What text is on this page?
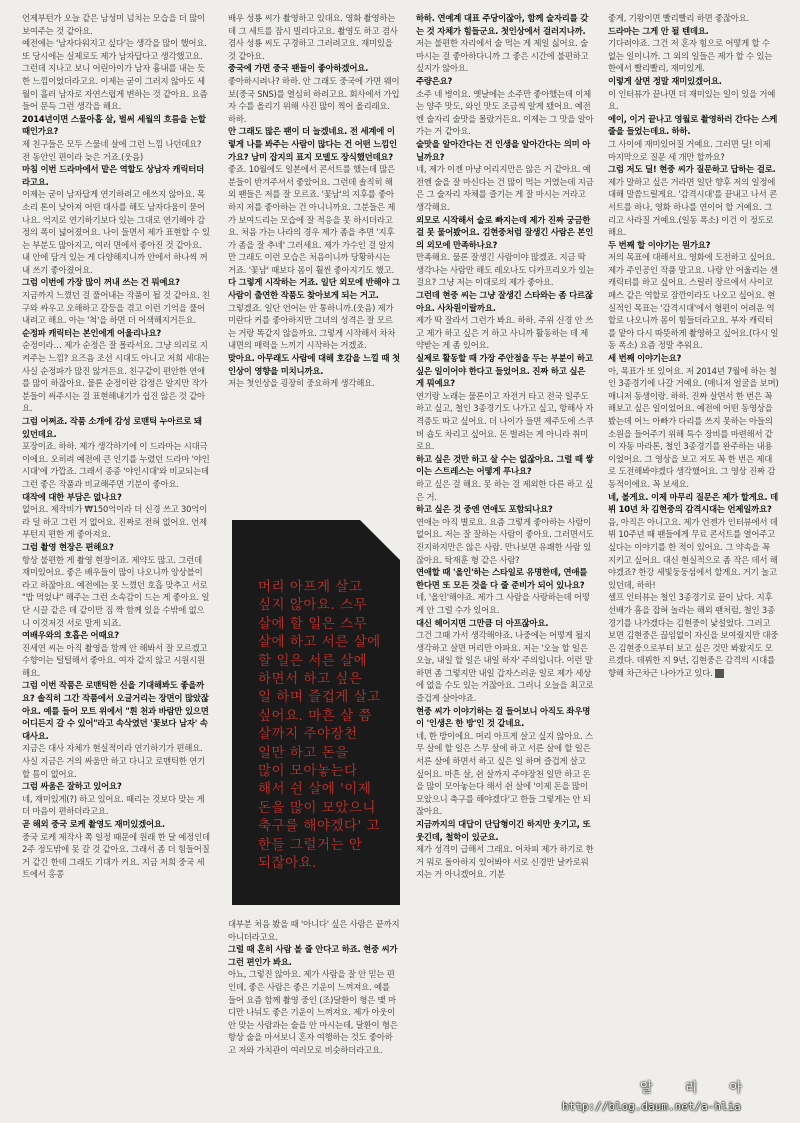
언제부턴가 오늘 같은 남성미 넘치는 모습을 더 많이 보여주는 것 같아요.
예전에는 '남자다워지고 싶다'는 생각을 많이 했어요. 또 당시에는 실제로도 제가 남자답다고 생각했고요. 그런데 지나고 보니 어린아이가 남자 흉내를 내는 듯한 느낌이었더라고요. 이제는 굳이 그러지 않아도 세월이 흘러 남자로 자연스럽게 변하는 것 같아요. 요즘 들어 문득 그런 생각을 해요.
2014년이면 스물아홉 살, 벌써 세월의 흐름을 논할 때인가요?
제 친구들은 모두 스물네 살에 그런 느낌 나던데요? 전 동안인 편이라 늦은 거죠.(웃음)
마침 이번 드라마에서 맡은 역할도 상남자 캐릭터더라고요.
이제는 굳이 남자답게 연기하려고 애쓰지 않아요. 목소리 톤이 낮아져 어떤 대사를 해도 남자다움이 묻어나요. 억지로 연기하기보다 있는 그대로 연기해야 감정의 폭이 넓어졌어요. 나이 들면서 제가 표현할 수 있는 부분도 많아지고, 여러 면에서 좋아진 것 같아요. 내 안에 담겨 있는 게 다양해지니까 안에서 하나씩 꺼내 쓰기 좋아졌어요.
그럼 이번에 가장 많이 꺼내 쓰는 건 뭐예요?
지금까지 느꼈던 걸 풀어내는 작품이 될 것 같아요. 친구와 싸우고 오해하고 갈등을 겪고 이런 기억을 풀어내려고 해요. 아는 '척'을 하면 더 어색해지거든요.
순정파 캐릭터는 본인에게 어울리나요?
순정이라… 제가 순정은 잘 몰라서요. 그냥 의리로 지켜주는 느낌? 요즈음 조선 시대도 아니고 저희 세대는 사실 순정파가 많진 않거든요. 친구같이 편안한 연애를 많이 하잖아요. 물론 순정이란 감정은 알지만 작가분들이 써주시는 걸 표현해내기가 쉽진 않은 것 같아요.
그럼 어쩌죠. 작품 소개에 감성 로맨틱 누아르로 돼 있던데요.
포장이죠. 하하. 제가 생각하기에 이 드라마는 시대극이에요. 오히려 예전에 큰 인기를 누렸던 드라마 '야인시대'에 가깝죠. 그래서 종종 '야인시대'와 비교되는데 그런 좋은 작품과 비교해주면 기분이 좋아요.
대작에 대한 부담은 없나요?
없어요. 제작비가 ₩150억이라 더 신경 쓰고 30억이라 덜 하고 그런 거 없어요. 진짜로 전혀 없어요. 언제부턴지 편한 게 좋아져요.
그럼 촬영 현장은 편해요?
항상 불편한 게 촬영 현장이죠. 제약도 많고. 그런데 재미있어요. 좋은 배우들이 많이 나오니까 앙상블이라고 하잖아요. 예전에는 못 느꼈던 호흡 맞추고 서로 "밥 먹었냐" 해주는 그런 소속감이 드는 게 좋아요. 일단 시끌 같은 데 같이만 짐 짝 함께 있을 수밖에 없으니 이것저것 서로 말게 되죠.
여배우와의 호흡은 어때요?
진세연 씨는 아직 촬영을 함께 안 해봐서 잘 모르겠고 수향이는 털털해서 좋아요. 여자 같지 않고 시원시원해요.
그럼 이번 작품은 로맨틱한 신을 기대해봐도 좋을까요? 솔직히 그간 작품에서 오글거리는 장면이 많았잖아요. 예를 들어 모트 위에서 "흰 천과 바람만 있으면 어디든지 갈 수 있어"라고 속삭였던 '꽃보다 남자' 속 대사요.
지금은 대사 자체가 현실적이라 연기하기가 편해요. 사실 지금은 거의 싸움만 하고 다니고 로맨틱한 연기할 틈이 없어요.
그럼 싸움은 잘하고 있어요?
네, 재미있게(?) 하고 있어요. 때리는 것보다 맞는 게 더 마음이 편하더라고요.
곧 해외 중국 로케 촬영도 재미있겠어요.
중국 로케 제작사 쪽 일정 때문에 원래 한 달 예정인데 2주 정도밖에 못 갈 것 같아요. 그래서 좀 더 힘들어질 거 같긴 한데 그래도 기대가 커요. 지금 저희 중국 세트에서 홍콩
배우 성룡 씨가 촬영하고 있대요. 영화 촬영하는데 그 세트를 잠시 빌리다고요. 촬영도 하고 겸사겸사 성룡 씨도 구경하고 그러려고요. 재미있을 것 같아요.
중국에 가면 중국 팬들이 좋아하겠어요.
좋아하시려나? 하하. 안 그래도 중국에 가면 웨이보(중국 SNS)를 열심히 하려고요. 회사에서 가입자 수를 올리기 위해 사진 많이 찍어 올리래요. 하하.
안 그래도 많은 팬이 더 늘겠네요. 전 세계에 이렇게 나를 봐주는 사람이 많다는 건 어떤 느낌인가요? 남미 잡지의 표지 모델도 장식했던데요?
좋죠. 10월에도 일본에서 콘서트를 했는데 많은 분들이 반겨주셔서 좋았어요. 그런데 솔직히 해외 팬들은 저를 잘 모르죠. '꽃남'의 지후를 좋아하지 저를 좋아하는 건 아니니까요. 그분들은 제가 보여드리는 모습에 잘 적응을 못 하시더라고요. 처음 가는 나라의 경우 제가 좀을 추면 '지후가 좀을 잘 추네' 그러세요. 제가 가수인 걸 알지만 그래도 이런 모습은 처음이니까 당황하시는 거죠. '꽃남' 때보다 몸이 훨씬 좋아지기도 했고.
다 그렇게 시작하는 거죠. 일단 외모에 반해야 그 사람이 출연한 작품도 찾아보게 되는 거고.
그렇겠죠. 일단 언어는 안 통하니까.(웃음) 제가 미란다 커를 좋아하지만 그녀의 성격은 잘 모르는 거랑 똑같지 않을까요. 그렇게 시작해서 차차 내면의 매력을 느끼기 시작하는 거겠죠.
맞아요. 아무래도 사람에 대해 호감을 느낄 때 첫인상이 영향을 미치니까요.
저는 첫인상을 굉장히 중요하게 생각해요.
머리 아프게 살고
싶지 않아요. 스무
살에 할 일은 스무
살에 하고 서른 살에
할 일은 서른 살에
하면서 하고 싶은
일 하며 즐겁게 살고
싶어요. 마흔 살 쯤
살까지 주야장천
일만 하고 돈을
많이 모아놓는다
해서 쉰 살에 '이제
돈을 많이 모았으니
축구를 해야겠다' 고
한들 그럴거는 안
되잖아요.
대부분 처음 봤을 때 '아니다' 싶은 사람은 끝까지 아니더라고요.
그럴 때 혼히 사람 볼 줄 안다고 하죠. 현중 씨가 그런 편인가 봐요.
아뇨, 그렇진 않아요. 제가 사람을 잘 안 믿는 편인데, 좋은 사람은 좋은 기운이 느껴져요. 예를 들어 요즘 함께 촬영 중인 (조)달환이 형은 맺 마디만 나눠도 좋은 기운이 느껴져요. 제가 아웃이 안 맞는 사람과는 술을 안 마시는데, 달환이 형은 항상 술을 마셔보니 혼자 여행하는 것도 좋아하고 저와 가치관이 여러모로 비슷하더라고요.
하하. 연예계 대표 주당이잖아, 함께 술자리를 갖는 것 자체가 힘들군요. 첫인상에서 걸러지나까.
저는 불편한 자리에서 술 먹는 게 제일 싫어요. 술 마시는 걸 좋아하다니까 그 좋은 시간에 불편하고 싶지가 않아요.
주량은요?
소주 네 병이요. 옛날에는 소주만 좋아했는데 이제는 양주 맛도, 와인 맛도 조금씩 알게 됐어요. 예전엔 술자리 술맛을 몰랐거든요. 이제는 그 맛을 알아가는 거 같아요.
술맛을 알아간다는 건 인생을 알아간다는 의미 아닐까요?
네, 제가 이젠 마냥 어리지만은 않은 거 같아요. 예전엔 술을 잘 마신다는 건 많이 먹는 거였는데 지금은 그 술자리 자체를 즐기는 게 잘 마시는 거라고 생각해요.
외모로 시작해서 술로 빠지는데 제가 진짜 궁금한 걸 못 물어봤어요. 김현중처럼 잘생긴 사람은 본인의 외모에 만족하나요?
만족해요. 물론 잘생긴 사람이야 많겠죠. 지금 딱 생각나는 사람만 해도 레오나도 디카프리오가 있는걸요? 그냥 저는 이대로의 제가 좋아요.
그런데 현중 씨는 그냥 잘생긴 스타와는 좀 다르잖아요. 사차원이랄까요.
제가 딱 잘라서 그런가 봐요. 하하. 주위 신경 안 쓰고 제가 하고 싶은 거 하고 사니까 활동하는 데 제약받는 게 좀 있어요.
실제로 활동할 때 가장 주안점을 두는 부분이 하고 싶은 일이어야 한다고 들었어요. 진짜 하고 싶은 게 뭐예요?
연기랑 노래는 물론이고 자전거 타고 전국 일주도 하고 싶고, 철인 3종경기도 나가고 싶고, 항해사 자격증도 따고 싶어요. 더 나이가 들면 제주도에 스쿠버 숍도 차리고 싶어요. 돈 벌려는 게 아니라 취미로요.
하고 싶은 것만 하고 살 수는 없잖아요. 그럴 때 쌓이는 스트레스는 어떻게 푸나요?
하고 싶은 걸 해요. 못 하는 걸 제외한 다른 하고 싶은 거.
하고 싶은 것 중엔 연애도 포함되나요?
연애는 아직 별로요. 요즘 그렇게 좋아하는 사람이 없어요. 저는 잘 잘하는 사람이 좋아요. 그러면서도 진지하지만은 않은 사람. 만나보면 유쾌한 사람 있잖아요. 탁재훈 형 같은 사람?
연애할 때 '올인'하는 스타일로 유명한데, 연애를 한다면 또 모든 것을 다 줄 준비가 되어 있나요?
네, '올인'해야죠. 제가 그 사람을 사랑하는데 어떻게 안 그럴 수가 있어요.
대신 헤어지면 그만큼 더 아프잖아요.
그건 그때 가서 생각해야죠. 나중에는 어떻게 될지 생각하고 살면 머리만 아파요. 저는 '오늘 할 일은 오늘, 내일 할 일은 내일 하자' 주의입니다. 이런 말하면 좀 그렇지만 내일 갑자스러운 일로 제가 세상에 없을 수도 있는 거잖아요. 그러니 오늘을 최고로 즐겁게 살아야죠.
현중 씨가 이야기하는 걸 들어보니 아직도 좌우명이 '인생은 한 방'인 것 같네요.
네, 한 방이에요. 머리 아프게 살고 싶지 않아요. 스무 살에 할 일은 스무 살에 하고 서른 살에 할 일은 서른 살에 하면서 하고 싶은 일 하며 즐겁게 살고 싶어요. 마흔 살, 쉰 살까지 주야장천 일만 하고 돈을 많이 모아놓는다 해서 쉰 살에 '이제 돈을 많이 모았으니 축구를 해야겠다'고 한들 그렇게는 안 되잖아요.
지금까지의 대답이 단답형이긴 하지만 웃기고, 또 웃긴데, 철학이 있군요.
제가 성격이 급해서 그래요. 어차피 제가 하기로 한 거 뭐로 돌아하지 있어봐야 서로 신경만 날카로워지는 거 아니겠어요. 기분
좋게, 기왕이면 빨리빨리 하면 좋잖아요.
드라마는 그게 안 될 텐데요.
기다려야죠. 그건 저 혼자 힘으로 어떻게 할 수 없는 일이니까. 그 외의 일들은 제가 할 수 있는 한에서 빨리빨리, 재미있게.
이렇게 살면 정말 재미있겠어요.
이 인터뷰가 끝나면 더 재미있는 일이 있을 거예요.
에이, 이거 끝나고 영월로 촬영하러 간다는 스케줄을 들었는데요. 하하.
그 사이에 재미있어질 거예요. 그러면 딜! 이제 마지막으로 질문 세 개만 할까요?
그럼 저도 딜! 현중 씨가 질문하고 답하는 걸로.
제가 말하고 싶은 거라면 일단 향후 저의 일정에 대해 말씀드릴게요. '감격시대'를 끝내고 나서 콘서트를 하나, 영화 하나를 연이어 할 거예요. 그리고 사라질 거예요.(일동 폭소) 이건 이 정도로 해요.
두 번째 할 이야기는 뭔가요?
저의 목표에 대해서요. 영화에 도전하고 싶어요. 제가 주인공인 작품 말고요. 나랑 안 어울리는 센 캐릭터를 하고 싶어요. 스릴러 장르에서 사이코패스 같은 역할로 잠깐이라도 나오고 싶어요. 현실적인 목표는 '감격시대'에서 형편이 어려운 역할로 나오니까 몸이 힘들더라고요. 부자 캐릭터를 맡아 다시 따뜻하게 촬영하고 싶어요.(다시 일동 폭소) 요즘 정말 추워요.
세 번째 이야기는요?
아, 목표가 또 있어요. 저 2014년 7월에 하는 철인 3종경기에 나갈 거예요. (매니저 얼굴을 보며) 매니저 동생이랑. 하하. 진짜 살면서 한 번은 꼭 해보고 싶은 일이었어요. 예전에 어떤 동영상을 봤는데 어느 아빠가 다리를 쓰지 못하는 아들의 소원을 들어주기 위해 특수 장비를 마련해서 같이 자동 마라톤, 철인 3종경기를 완주하는 내용이었어요. 그 영상을 보고 저도 꼭 한 번은 제대로 도전해봐야겠다 생각했어요. 그 영상 진짜 감동적이에요. 꼭 보세요.
네, 볼게요. 이제 마무리 질문은 제가 할게요. 데뷔 10년 차 김현중의 감격시대는 언제일까요?
음, 아직은 아니고요. 제가 언젠가 인터뷰에서 데뷔 10주년 때 팬들에게 무료 콘서트를 열어주고 싶다는 이야기를 한 적이 있어요. 그 약속을 꼭 지키고 싶어요. 대신 현실적으로 좀 작은 데서 해야겠죠? 한강 세빛둥둥섬에서 할게요. 거기 놀고 있던데, 하하!
셀프 인터뷰는 철인 3종경기로 끝이 났다. 지후 선배가 흠을 잡혀 놀라는 해외 팬처럼, 철인 3종경기를 나가겠다는 김현중이 낯설었다. 그러고 보면 김현중은 끊임없이 자신을 보여줬지만 대중은 김현중으로부터 보고 싶은 것만 봐왔지도 모르겠다. 데뷔한 지 9년, 김현중은 감격의 시대를 향해 차근차근 나아가고 있다.
알 리 아
http://blog.daum.net/a-hlia
